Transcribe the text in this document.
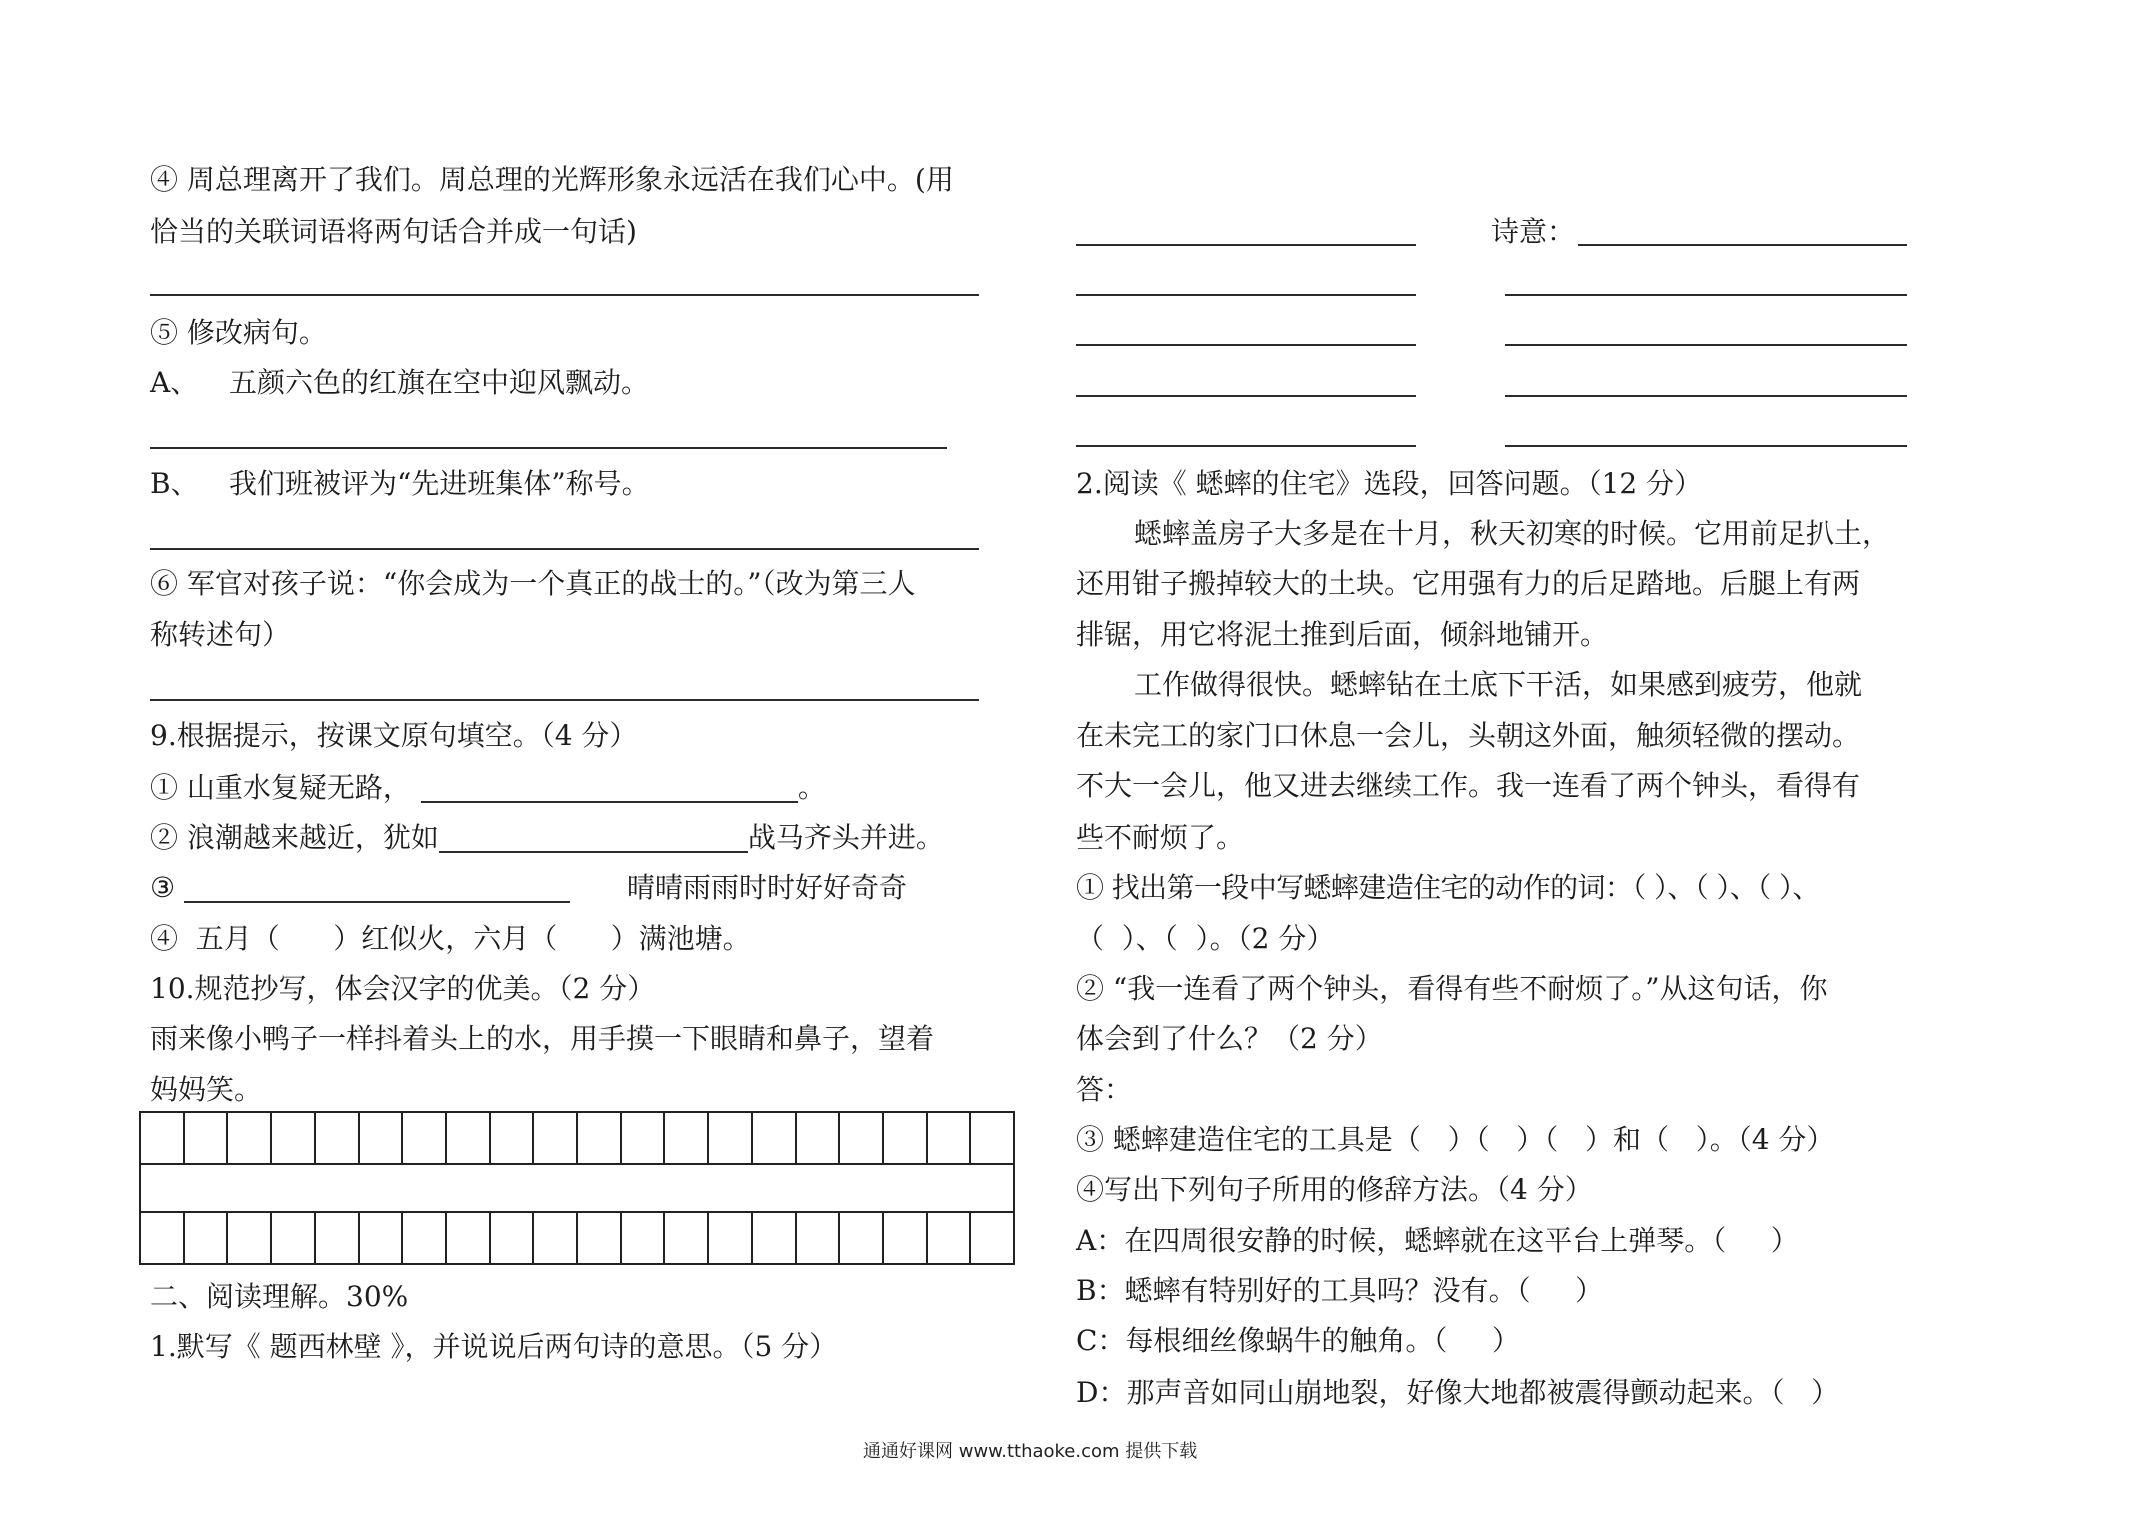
④ 周总理离开了我们。周总理的光辉形象永远活在我们心中。(用
恰当的关联词语将两句话合并成一句话)
⑤ 修改病句。
A、	五颜六色的红旗在空中迎风飘动。
B、	我们班被评为“先进班集体”称号。
⑥ 军官对孩子说：“你会成为一个真正的战士的。”（改为第三人
称转述句）
9.根据提示，按课文原句填空。（4 分）
① 山重水复疑无路，	。
② 浪潮越来越近，犹如	战马齐头并进。
③	晴晴雨雨时时好好奇奇
④  五月（      ）红似火，六月（      ）满池塘。
10.规范抄写，体会汉字的优美。（2 分）
雨来像小鸭子一样抖着头上的水，用手摸一下眼睛和鼻子，望着
妈妈笑。
二、阅读理解。30%
1.默写《 题西林壁 》，并说说后两句诗的意思。（5 分）
诗意：
2.阅读《 蟋蟀的住宅》选段，回答问题。（12 分）
蟋蟀盖房子大多是在十月，秋天初寒的时候。它用前足扒土，
还用钳子搬掉较大的土块。它用强有力的后足踏地。后腿上有两
排锯，用它将泥土推到后面，倾斜地铺开。
工作做得很快。蟋蟀钻在土底下干活，如果感到疲劳，他就
在未完工的家门口休息一会儿，头朝这外面，触须轻微的摆动。
不大一会儿，他又进去继续工作。我一连看了两个钟头，看得有
些不耐烦了。
① 找出第一段中写蟋蟀建造住宅的动作的词：（ ）、（ ）、（ ）、
（  ）、（  ）。（2 分）
② “我一连看了两个钟头，看得有些不耐烦了。”从这句话，你
体会到了什么？（2 分）
答：
③ 蟋蟀建造住宅的工具是（   ）（   ）（   ）和（   ）。（4 分）
④写出下列句子所用的修辞方法。（4 分）
A：在四周很安静的时候，蟋蟀就在这平台上弹琴。（     ）
B：蟋蟀有特别好的工具吗？没有。（     ）
C：每根细丝像蜗牛的触角。（     ）
D：那声音如同山崩地裂，好像大地都被震得颤动起来。（   ）
通通好课网 www.tthaoke.com 提供下载
